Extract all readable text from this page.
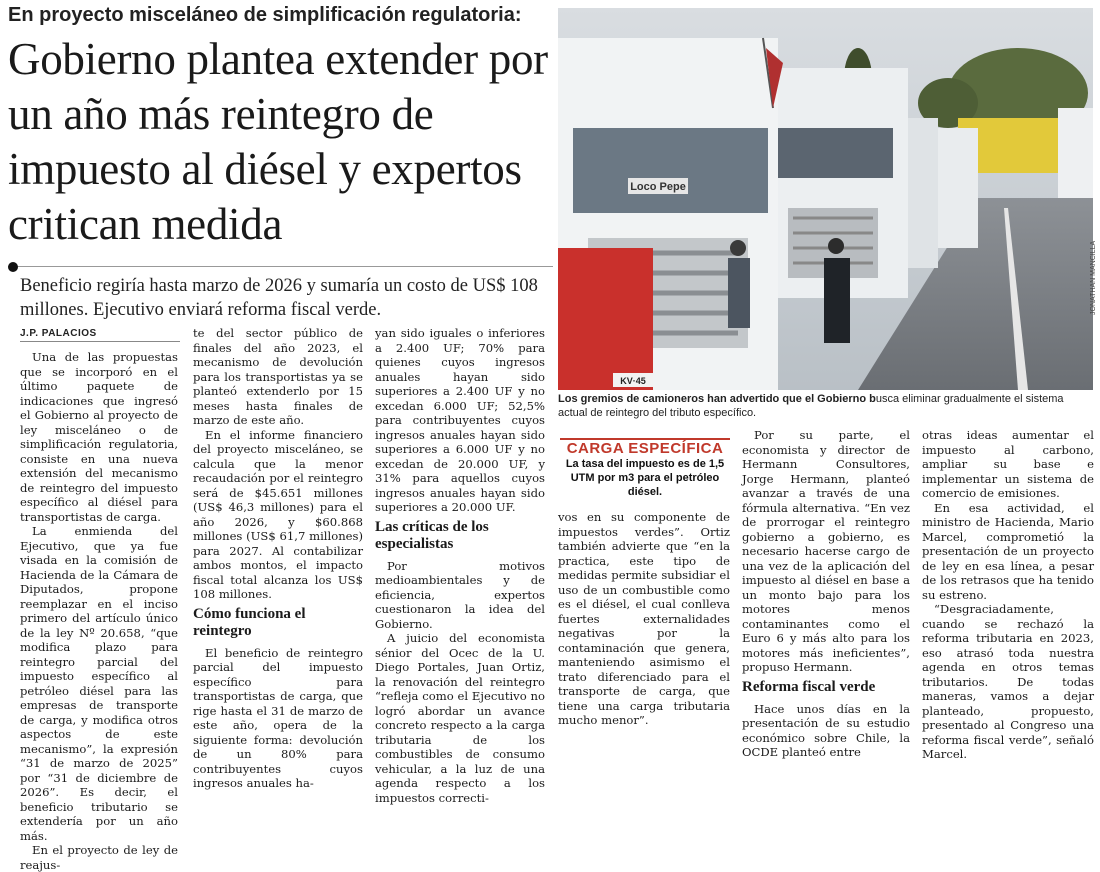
En proyecto misceláneo de simplificación regulatoria:
Gobierno plantea extender por un año más reintegro de impuesto al diésel y expertos critican medida
Beneficio regiría hasta marzo de 2026 y sumaría un costo de US$ 108 millones. Ejecutivo enviará reforma fiscal verde.
J.P. PALACIOS
Loco Pepe
KV·45
JONATHAN MANCILLA
Los gremios de camioneros han advertido que el Gobierno busca eliminar gradualmente el sistema actual de reintegro del tributo específico.
CARGA ESPECÍFICA
La tasa del impuesto es de 1,5 UTM por m3 para el petróleo diésel.

Una de las propuestas que se incorporó en el último paquete de indicaciones que ingresó el Gobierno al proyecto de ley misceláneo o de simplificación regulatoria, consiste en una nueva extensión del mecanismo de reintegro del impuesto específico al diésel para transportistas de carga.

La enmienda del Ejecutivo, que ya fue visada en la comisión de Hacienda de la Cámara de Diputados, propone reemplazar en el inciso primero del artículo único de la ley Nº 20.658, “que modifica plazo para reintegro parcial del impuesto específico al petróleo diésel para las empresas de transporte de carga, y modifica otros aspectos de este mecanismo”, la expresión “31 de marzo de 2025” por “31 de diciembre de 2026”. Es decir, el beneficio tributario se extendería por un año más.

En el proyecto de ley de reajus-

te del sector público de finales del año 2023, el mecanismo de devolución para los transportistas ya se planteó extenderlo por 15 meses hasta finales de marzo de este año.

En el informe financiero del proyecto misceláneo, se calcula que la menor recaudación por el reintegro será de $45.651 millones (US$ 46,3 millones) para el año 2026, y $60.868 millones (US$ 61,7 millones) para 2027. Al contabilizar ambos montos, el impacto fiscal total alcanza los US$ 108 millones.

Cómo funciona el reintegro

El beneficio de reintegro parcial del impuesto específico para transportistas de carga, que rige hasta el 31 de marzo de este año, opera de la siguiente forma: devolución de un 80% para contribuyentes cuyos ingresos anuales ha-

yan sido iguales o inferiores a 2.400 UF; 70% para quienes cuyos ingresos anuales hayan sido superiores a 2.400 UF y no excedan 6.000 UF; 52,5% para contribuyentes cuyos ingresos anuales hayan sido superiores a 6.000 UF y no excedan de 20.000 UF, y 31% para aquellos cuyos ingresos anuales hayan sido superiores a 20.000 UF.

Las críticas de los especialistas

Por motivos medioambientales y de eficiencia, expertos cuestionaron la idea del Gobierno.

A juicio del economista sénior del Ocec de la U. Diego Portales, Juan Ortiz, la renovación del reintegro “refleja como el Ejecutivo no logró abordar un avance concreto respecto a la carga tributaria de los combustibles de consumo vehicular, a la luz de una agenda respecto a los impuestos correcti-

vos en su componente de impuestos verdes”. Ortiz también advierte que “en la practica, este tipo de medidas permite subsidiar el uso de un combustible como es el diésel, el cual conlleva fuertes externalidades negativas por la contaminación que genera, manteniendo asimismo el trato diferenciado para el transporte de carga, que tiene una carga tributaria mucho menor”.

Por su parte, el economista y director de Hermann Consultores, Jorge Hermann, planteó avanzar a través de una fórmula alternativa. “En vez de prorrogar el reintegro gobierno a gobierno, es necesario hacerse cargo de una vez de la aplicación del impuesto al diésel en base a un monto bajo para los motores menos contaminantes como el Euro 6 y más alto para los motores más ineficientes”, propuso Hermann.

Reforma fiscal verde

Hace unos días en la presentación de su estudio económico sobre Chile, la OCDE planteó entre

otras ideas aumentar el impuesto al carbono, ampliar su base e implementar un sistema de comercio de emisiones.

En esa actividad, el ministro de Hacienda, Mario Marcel, comprometió la presentación de un proyecto de ley en esa línea, a pesar de los retrasos que ha tenido su estreno.

“Desgraciadamente, cuando se rechazó la reforma tributaria en 2023, eso atrasó toda nuestra agenda en otros temas tributarios. De todas maneras, vamos a dejar planteado, propuesto, presentado al Congreso una reforma fiscal verde”, señaló Marcel.
